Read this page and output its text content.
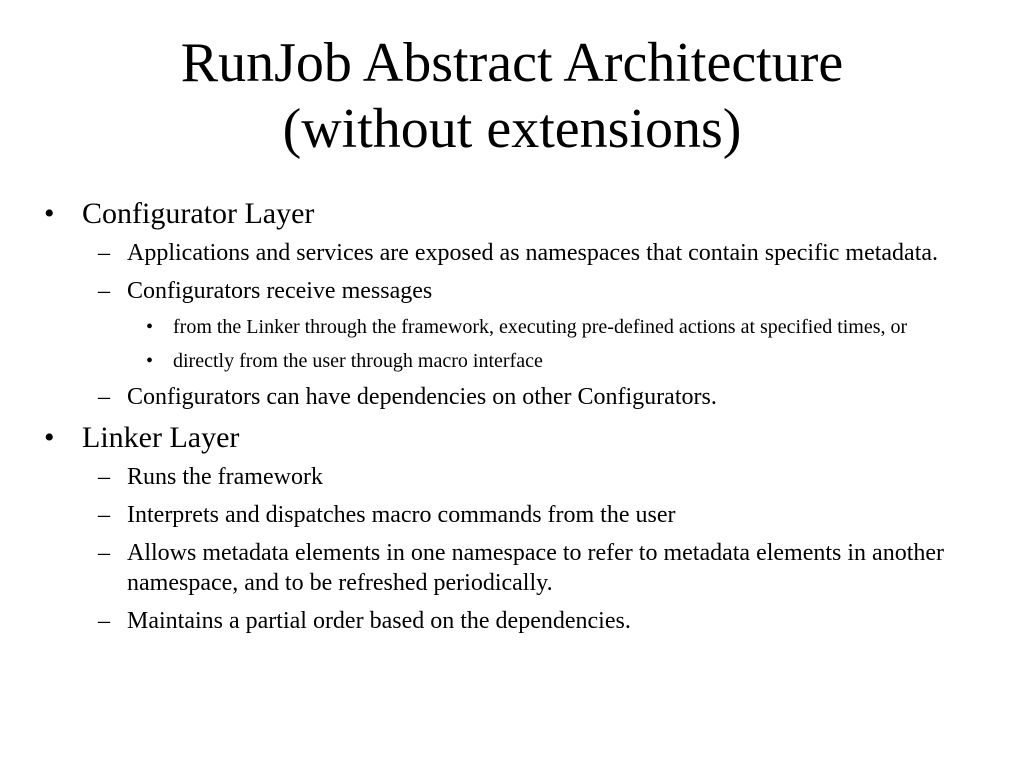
RunJob Abstract Architecture
(without extensions)
• Configurator Layer
– Applications and services are exposed as namespaces that contain specific metadata.
– Configurators receive messages
• from the Linker through the framework, executing pre-defined actions at specified times, or
• directly from the user through macro interface
– Configurators can have dependencies on other Configurators.
• Linker Layer
– Runs the framework
– Interprets and dispatches macro commands from the user
– Allows metadata elements in one namespace to refer to metadata elements in another namespace, and to be refreshed periodically.
– Maintains a partial order based on the dependencies.
